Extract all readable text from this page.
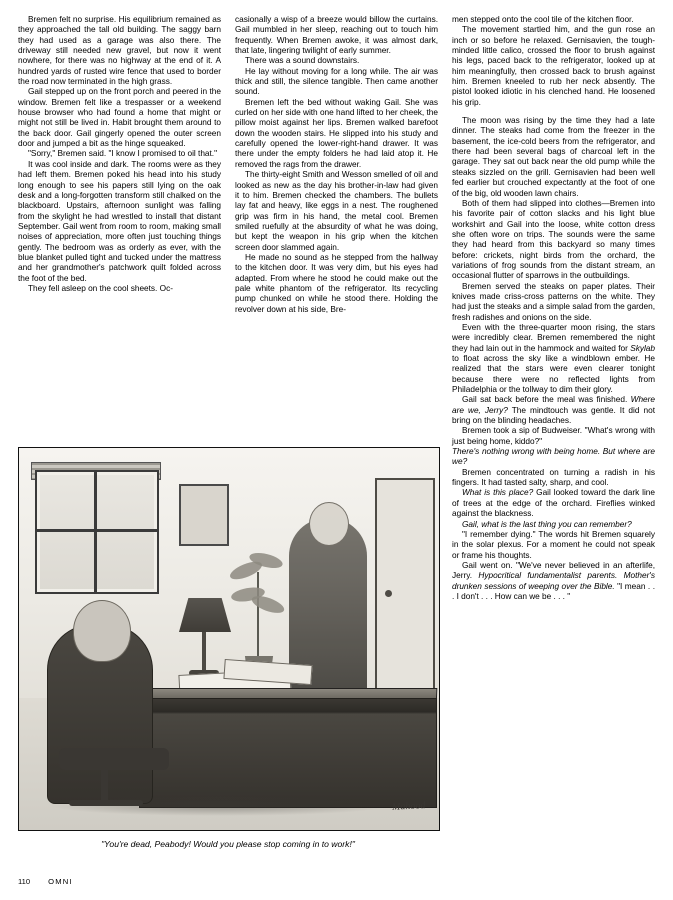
Bremen felt no surprise. His equilibrium remained as they approached the tall old building. The saggy barn they had used as a garage was also there. The driveway still needed new gravel, but now it went nowhere, for there was no highway at the end of it. A hundred yards of rusted wire fence that used to border the road now terminated in the high grass.

Gail stepped up on the front porch and peered in the window. Bremen felt like a trespasser or a weekend house browser who had found a home that might or might not still be lived in. Habit brought them around to the back door. Gail gingerly opened the outer screen door and jumped a bit as the hinge squeaked.

"Sorry," Bremen said. "I know I promised to oil that."

It was cool inside and dark. The rooms were as they had left them. Bremen poked his head into his study long enough to see his papers still lying on the oak desk and a long-forgotten transform still chalked on the blackboard. Upstairs, afternoon sunlight was falling from the skylight he had wrestled to install that distant September. Gail went from room to room, making small noises of appreciation, more often just touching things gently. The bedroom was as orderly as ever, with the blue blanket pulled tight and tucked under the mattress and her grandmother's patchwork quilt folded across the foot of the bed.

They fell asleep on the cool sheets. Oc-

casionally a wisp of a breeze would billow the curtains. Gail mumbled in her sleep, reaching out to touch him frequently. When Bremen awoke, it was almost dark, that late, lingering twilight of early summer.

There was a sound downstairs.

He lay without moving for a long while. The air was thick and still, the silence tangible. Then came another sound.

Bremen left the bed without waking Gail. She was curled on her side with one hand lifted to her cheek, the pillow moist against her lips. Bremen walked barefoot down the wooden stairs. He slipped into his study and carefully opened the lower-right-hand drawer. It was there under the empty folders he had laid atop it. He removed the rags from the drawer.

The thirty-eight Smith and Wesson smelled of oil and looked as new as the day his brother-in-law had given it to him. Bremen checked the chambers. The bullets lay fat and heavy, like eggs in a nest. The roughened grip was firm in his hand, the metal cool. Bremen smiled ruefully at the absurdity of what he was doing, but kept the weapon in his grip when the kitchen screen door slammed again.

He made no sound as he stepped from the hallway to the kitchen door. It was very dim, but his eyes had adapted. From where he stood he could make out the pale white phantom of the refrigerator. Its recycling pump chunked on while he stood there. Holding the revolver down at his side, Bre-

men stepped onto the cool tile of the kitchen floor.

The movement startled him, and the gun rose an inch or so before he relaxed. Gernisavien, the tough-minded little calico, crossed the floor to brush against his legs, paced back to the refrigerator, looked up at him meaningfully, then crossed back to brush against him. Bremen kneeled to rub her neck absently. The pistol looked idiotic in his clenched hand. He loosened his grip.

The moon was rising by the time they had a late dinner. The steaks had come from the freezer in the basement, the ice-cold beers from the refrigerator, and there had been several bags of charcoal left in the garage. They sat out back near the old pump while the steaks sizzled on the grill. Gernisavien had been well fed earlier but crouched expectantly at the foot of one of the big, old wooden lawn chairs.

Both of them had slipped into clothes—Bremen into his favorite pair of cotton slacks and his light blue workshirt and Gail into the loose, white cotton dress she often wore on trips. The sounds were the same they had heard from this backyard so many times before: crickets, night birds from the orchard, the variations of frog sounds from the distant stream, an occasional flutter of sparrows in the outbuildings.

Bremen served the steaks on paper plates. Their knives made criss-cross patterns on the white. They had just the steaks and a simple salad from the garden, fresh radishes and onions on the side.

Even with the three-quarter moon rising, the stars were incredibly clear. Bremen remembered the night they had lain out in the hammock and waited for Skylab to float across the sky like a windblown ember. He realized that the stars were even clearer tonight because there were no reflected lights from Philadelphia or the tollway to dim their glory.

Gail sat back before the meal was finished. Where are we, Jerry? The mindtouch was gentle. It did not bring on the blinding headaches.

Bremen took a sip of Budweiser. "What's wrong with just being home, kiddo?"

There's nothing wrong with being home. But where are we?

Bremen concentrated on turning a radish in his fingers. It had tasted salty, sharp, and cool.

What is this place? Gail looked toward the dark line of trees at the edge of the orchard. Fireflies winked against the blackness.

Gail, what is the last thing you can remember?

"I remember dying." The words hit Bremen squarely in the solar plexus. For a moment he could not speak or frame his thoughts.

Gail went on. "We've never believed in an afterlife, Jerry. Hypocritical fundamentalist parents. Mother's drunken sessions of weeping over the Bible. "I mean . . . I don't . . . How can we be . . . "

Mahood
"You're dead, Peabody! Would you please stop coming in to work!"
110 OMNI
